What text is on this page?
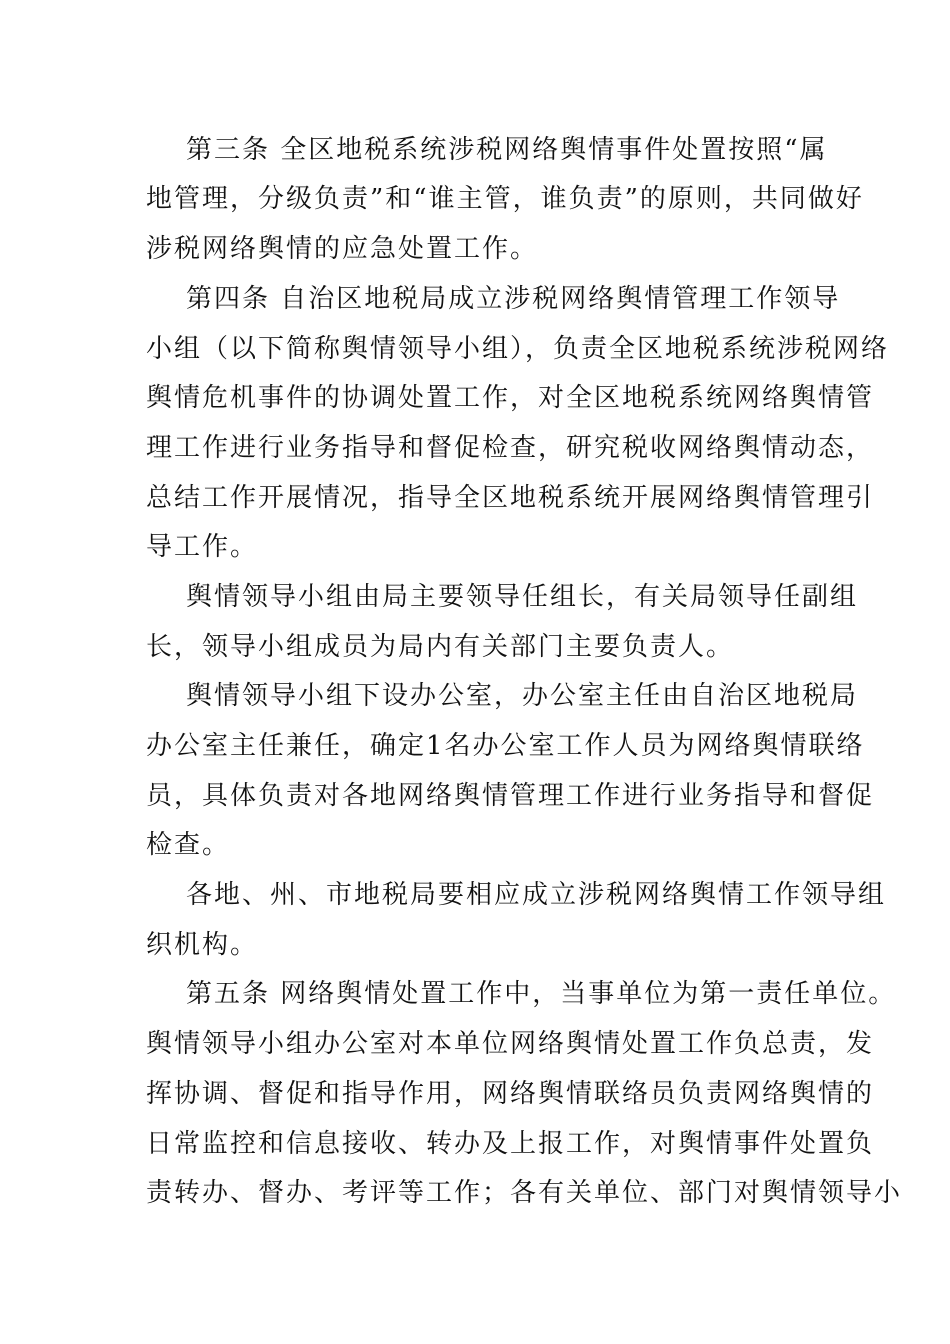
第三条 全区地税系统涉税网络舆情事件处置按照“属
地管理，分级负责”和“谁主管，谁负责”的原则，共同做好
涉税网络舆情的应急处置工作。
第四条 自治区地税局成立涉税网络舆情管理工作领导
小组（以下简称舆情领导小组），负责全区地税系统涉税网络
舆情危机事件的协调处置工作，对全区地税系统网络舆情管
理工作进行业务指导和督促检查，研究税收网络舆情动态，
总结工作开展情况，指导全区地税系统开展网络舆情管理引
导工作。
舆情领导小组由局主要领导任组长，有关局领导任副组
长，领导小组成员为局内有关部门主要负责人。
舆情领导小组下设办公室，办公室主任由自治区地税局
办公室主任兼任，确定1名办公室工作人员为网络舆情联络
员，具体负责对各地网络舆情管理工作进行业务指导和督促
检查。
各地、州、市地税局要相应成立涉税网络舆情工作领导组
织机构。
第五条 网络舆情处置工作中，当事单位为第一责任单位。
舆情领导小组办公室对本单位网络舆情处置工作负总责，发
挥协调、督促和指导作用，网络舆情联络员负责网络舆情的
日常监控和信息接收、转办及上报工作，对舆情事件处置负
责转办、督办、考评等工作；各有关单位、部门对舆情领导小
